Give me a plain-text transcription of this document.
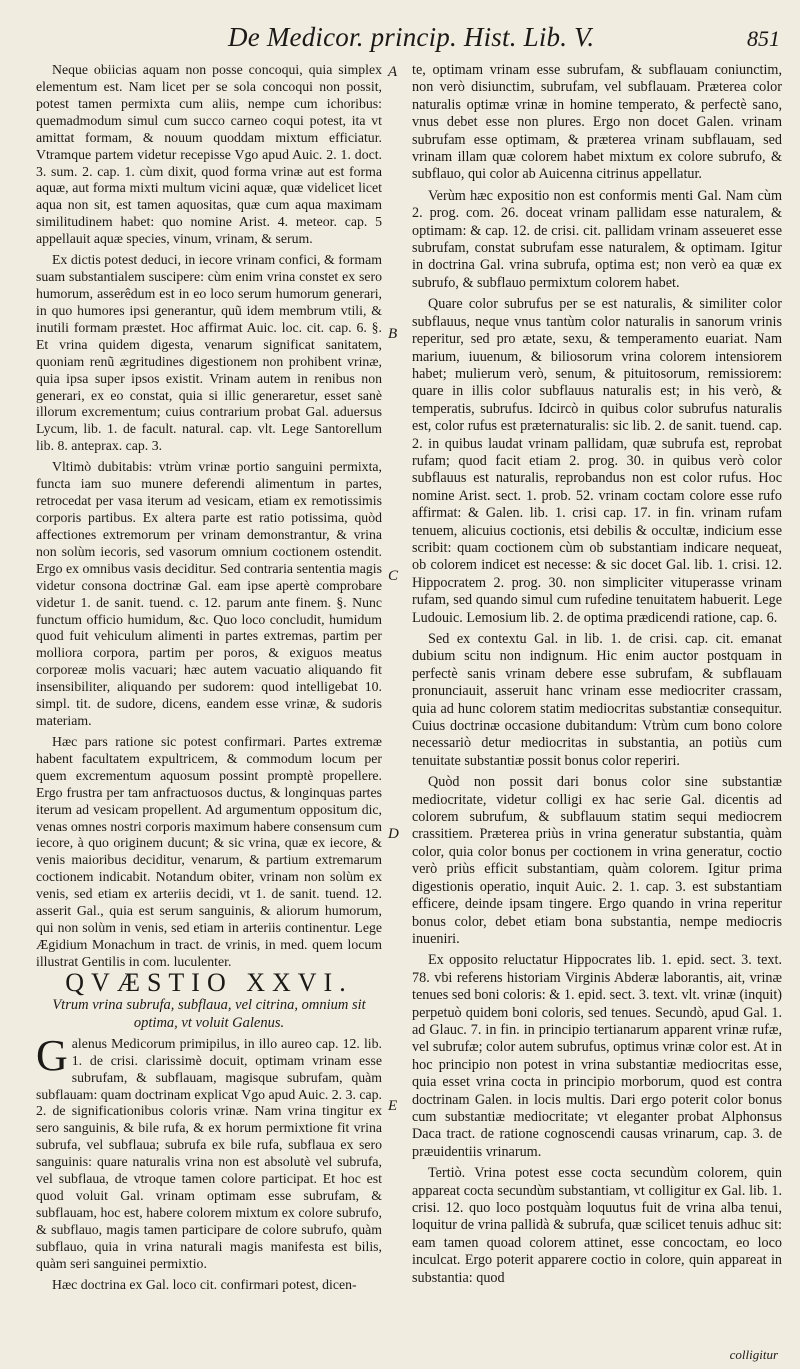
De Medicor. princip. Hist. Lib. V.	851

Neque obiicias aquam non posse concoqui, quia simplex elementum est. Nam licet per se sola concoqui non possit, potest tamen permixta cum aliis, nempe cum ichoribus: quemadmodum simul cum succo carneo coqui potest, ita vt amittat formam, & nouum quoddam mixtum efficiatur. Vtramque partem videtur recepisse Vgo apud Auic. 2. 1. doct. 3. sum. 2. cap. 1. cùm dixit, quod forma vrinæ aut est forma aquæ, aut forma mixti multum vicini aquæ, quæ videlicet licet aqua non sit, est tamen aquositas, quæ cum aqua maximam similitudinem habet: quo nomine Arist. 4. meteor. cap. 5 appellauit aquæ species, vinum, vrinam, & serum.

Ex dictis potest deduci, in iecore vrinam confici, & formam suam substantialem suscipere: cùm enim vrina constet ex sero humorum, asserêdum est in eo loco serum humorum generari, in quo humores ipsi generantur, quũ idem membrum vtili, & inutili formam præstet. Hoc affirmat Auic. loc. cit. cap. 6. §. Et vrina quidem digesta, venarum significat sanitatem, quoniam renũ ægritudines digestionem non prohibent vrinæ, quia ipsa super ipsos existit. Vrinam autem in renibus non generari, ex eo constat, quia si illic generaretur, esset sanè illorum excrementum; cuius contrarium probat Gal. aduersus Lycum, lib. 1. de facult. natural. cap. vlt. Lege Santorellum lib. 8. anteprax. cap. 3.

Vltimò dubitabis: vtrùm vrinæ portio sanguini permixta, functa iam suo munere deferendi alimentum in partes, retrocedat per vasa iterum ad vesicam, etiam ex remotissimis corporis partibus. Ex altera parte est ratio potissima, quòd affectiones extremorum per vrinam demonstrantur, & vrina non solùm iecoris, sed vasorum omnium coctionem ostendit. Ergo ex omnibus vasis deciditur. Sed contraria sententia magis videtur consona doctrinæ Gal. eam ipse apertè comprobare videtur 1. de sanit. tuend. c. 12. parum ante finem. §. Nunc functum officio humidum, &c. Quo loco concludit, humidum quod fuit vehiculum alimenti in partes extremas, partim per molliora corpora, partim per poros, & exiguos meatus corporeæ molis vacuari; hæc autem vacuatio aliquando fit insensibiliter, aliquando per sudorem: quod intelligebat 10. simpl. tit. de sudore, dicens, eandem esse vrinæ, & sudoris materiam.

Hæc pars ratione sic potest confirmari. Partes extremæ habent facultatem expultricem, & commodum locum per quem excrementum aquosum possint promptè propellere. Ergo frustra per tam anfractuosos ductus, & longinquas partes iterum ad vesicam propellent. Ad argumentum oppositum dic, venas omnes nostri corporis maximum habere consensum cum iecore, à quo originem ducunt; & sic vrina, quæ ex iecore, & venis maioribus deciditur, venarum, & partium extremarum coctionem indicabit. Notandum obiter, vrinam non solùm ex venis, sed etiam ex arteriis decidi, vt 1. de sanit. tuend. 12. asserit Gal., quia est serum sanguinis, & aliorum humorum, qui non solùm in venis, sed etiam in arteriis continentur. Lege Ægidium Monachum in tract. de vrinis, in med. quem locum illustrat Gentilis in com. luculenter.

QVÆSTIO XXVI.

Vtrum vrina subrufa, subflaua, vel citrina, omnium sit optima, vt voluit Galenus.

Galenus Medicorum primipilus, in illo aureo cap. 12. lib. 1. de crisi. clarissimè docuit, optimam vrinam esse subrufam, & subflauam, magisque subrufam, quàm subflauam: quam doctrinam explicat Vgo apud Auic. 2. 3. cap. 2. de significationibus coloris vrinæ. Nam vrina tingitur ex sero sanguinis, & bile rufa, & ex horum permixtione fit vrina subrufa, vel subflaua; subrufa ex bile rufa, subflaua ex sero sanguinis: quare naturalis vrina non est absolutè vel subrufa, vel subflaua, de vtroque tamen colore participat. Et hoc est quod voluit Gal. vrinam optimam esse subrufam, & subflauam, hoc est, habere colorem mixtum ex colore subrufo, & subflauo, magis tamen participare de colore subrufo, quàm subflauo, quia in vrina naturali magis manifesta est bilis, quàm seri sanguinei permixtio.

Hæc doctrina ex Gal. loco cit. confirmari potest, dicen-

A
B
C
D
E

te, optimam vrinam esse subrufam, & subflauam coniunctim, non verò disiunctim, subrufam, vel subflauam. Præterea color naturalis optimæ vrinæ in homine temperato, & perfectè sano, vnus debet esse non plures. Ergo non docet Galen. vrinam subrufam esse optimam, & præterea vrinam subflauam, sed vrinam illam quæ colorem habet mixtum ex colore subrufo, & subflauo, qui color ab Auicenna citrinus appellatur.

Verùm hæc expositio non est conformis menti Gal. Nam cùm 2. prog. com. 26. doceat vrinam pallidam esse naturalem, & optimam: & cap. 12. de crisi. cit. pallidam vrinam asseueret esse subrufam, constat subrufam esse naturalem, & optimam. Igitur in doctrina Gal. vrina subrufa, optima est; non verò ea quæ ex subrufo, & subflauo permixtum colorem habet.

Quare color subrufus per se est naturalis, & similiter color subflauus, neque vnus tantùm color naturalis in sanorum vrinis reperitur, sed pro ætate, sexu, & temperamento euariat. Nam marium, iuuenum, & biliosorum vrina colorem intensiorem habet; mulierum verò, senum, & pituitosorum, remissiorem: quare in illis color subflauus naturalis est; in his verò, & temperatis, subrufus. Idcircò in quibus color subrufus naturalis est, color rufus est præternaturalis: sic lib. 2. de sanit. tuend. cap. 2. in quibus laudat vrinam pallidam, quæ subrufa est, reprobat rufam; quod facit etiam 2. prog. 30. in quibus verò color subflauus est naturalis, reprobandus non est color rufus. Hoc nomine Arist. sect. 1. prob. 52. vrinam coctam colore esse rufo affirmat: & Galen. lib. 1. crisi cap. 17. in fin. vrinam rufam tenuem, alicuius coctionis, etsi debilis & occultæ, indicium esse scribit: quam coctionem cùm ob substantiam indicare nequeat, ob colorem indicet est necesse: & sic docet Gal. lib. 1. crisi. 12. Hippocratem 2. prog. 30. non simpliciter vituperasse vrinam rufam, sed quando simul cum rufedine tenuitatem habuerit. Lege Ludouic. Lemosium lib. 2. de optima prædicendi ratione, cap. 6.

Sed ex contextu Gal. in lib. 1. de crisi. cap. cit. emanat dubium scitu non indignum. Hic enim auctor postquam in perfectè sanis vrinam debere esse subrufam, & subflauam pronunciauit, asseruit hanc vrinam esse mediocriter crassam, quia ad hunc colorem statim mediocritas substantiæ consequitur. Cuius doctrinæ occasione dubitandum: Vtrùm cum bono colore necessariò detur mediocritas in substantia, an potiùs cum tenuitate substantiæ possit bonus color reperiri.

Quòd non possit dari bonus color sine substantiæ mediocritate, videtur colligi ex hac serie Gal. dicentis ad colorem subrufum, & subflauum statim sequi mediocrem crassitiem. Præterea priùs in vrina generatur substantia, quàm color, quia color bonus per coctionem in vrina generatur, coctio verò priùs efficit substantiam, quàm colorem. Igitur prima digestionis operatio, inquit Auic. 2. 1. cap. 3. est substantiam efficere, deinde ipsam tingere. Ergo quando in vrina reperitur bonus color, debet etiam bona substantia, nempe mediocris inueniri.

Ex opposito reluctatur Hippocrates lib. 1. epid. sect. 3. text. 78. vbi referens historiam Virginis Abderæ laborantis, ait, vrinæ tenues sed boni coloris: & 1. epid. sect. 3. text. vlt. vrinæ (inquit) perpetuò quidem boni coloris, sed tenues. Secundò, apud Gal. 1. ad Glauc. 7. in fin. in principio tertianarum apparent vrinæ rufæ, vel subrufæ; color autem subrufus, optimus vrinæ color est. At in hoc principio non potest in vrina substantiæ mediocritas esse, quia esset vrina cocta in principio morborum, quod est contra doctrinam Galen. in locis multis. Dari ergo poterit color bonus cum substantiæ mediocritate; vt eleganter probat Alphonsus Daca tract. de ratione cognoscendi causas vrinarum, cap. 3. de præuidentiis vrinarum.

Tertiò. Vrina potest esse cocta secundùm colorem, quin appareat cocta secundùm substantiam, vt colligitur ex Gal. lib. 1. crisi. 12. quo loco postquàm loquutus fuit de vrina alba tenui, loquitur de vrina pallidà & subrufa, quæ scilicet tenuis adhuc sit: eam tamen quoad colorem attinet, esse concoctam, eo loco inculcat. Ergo poterit apparere coctio in colore, quin appareat in substantia: quod

colligitur
